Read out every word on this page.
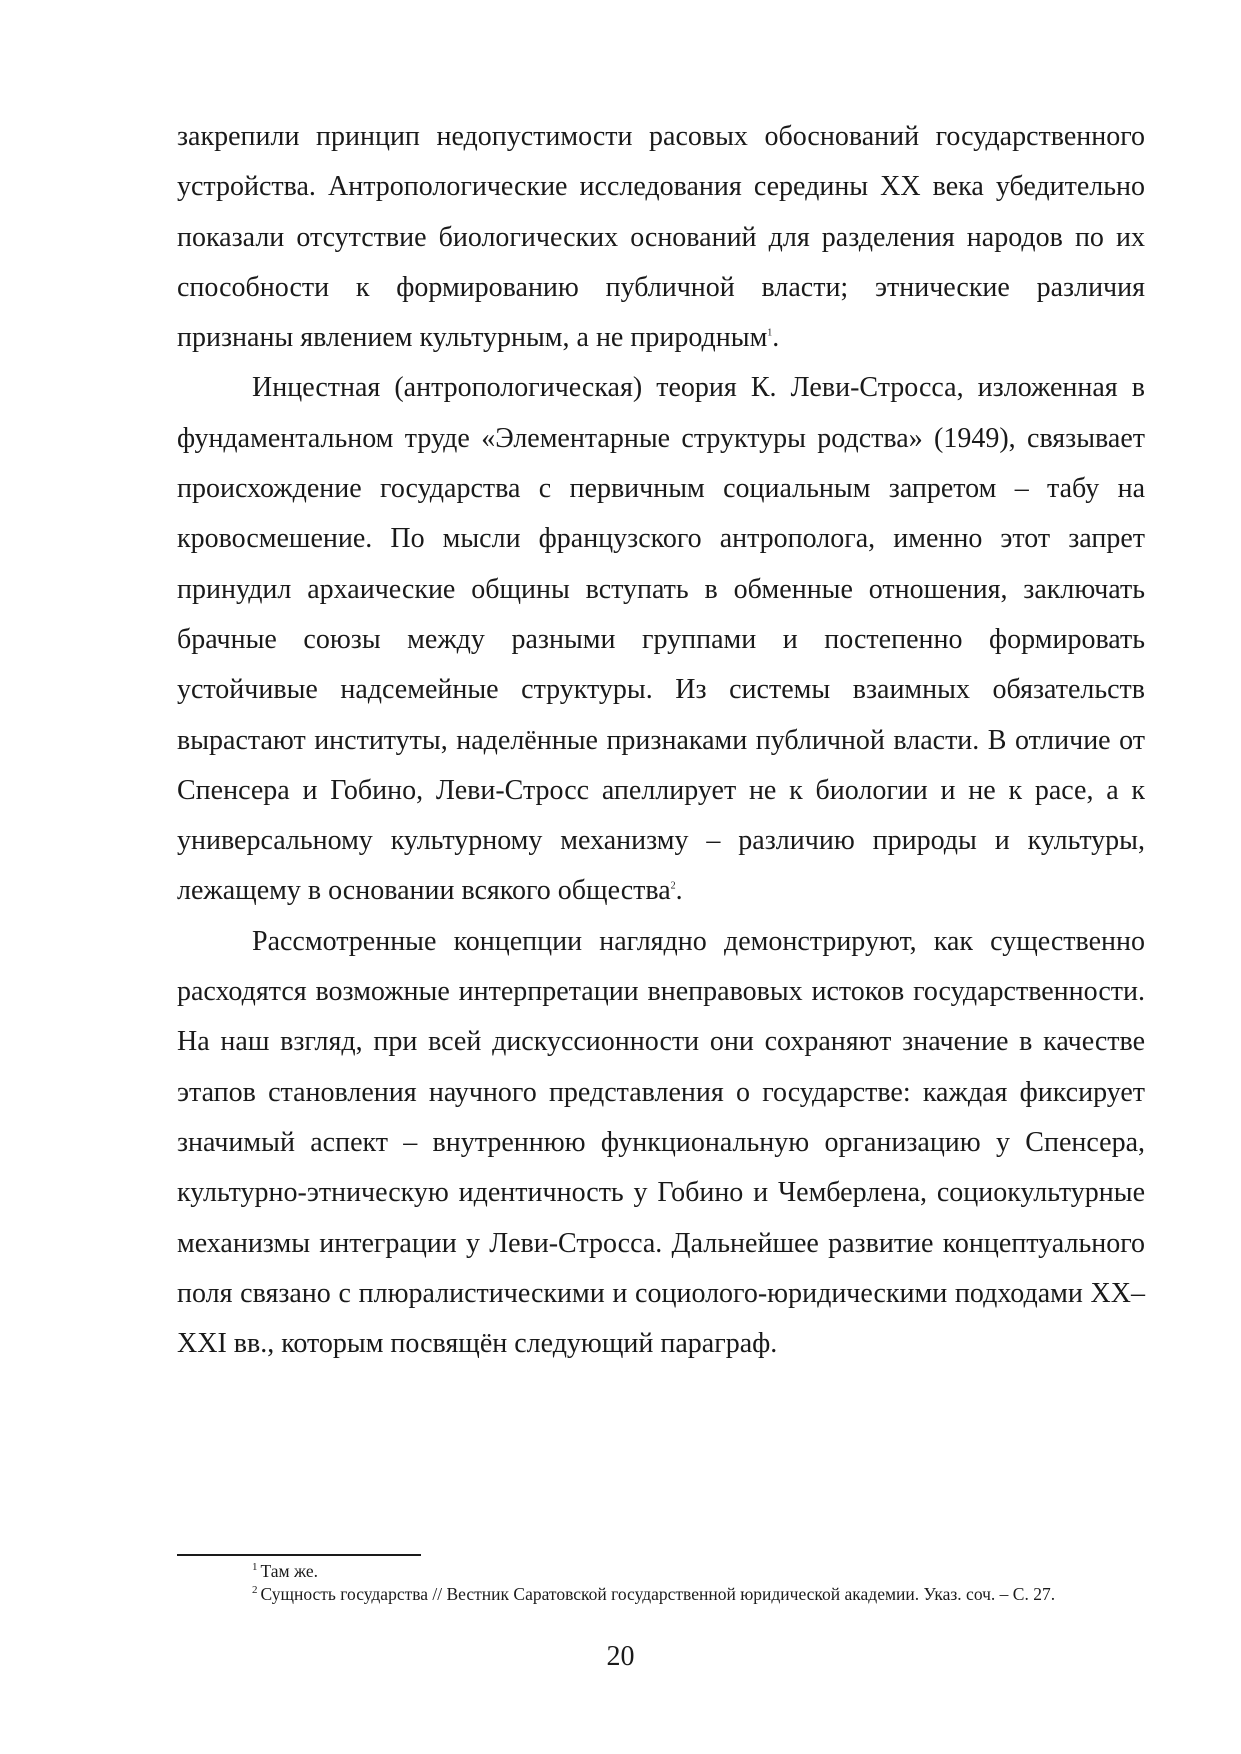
закрепили принцип недопустимости расовых обоснований государственного устройства. Антропологические исследования середины XX века убедительно показали отсутствие биологических оснований для разделения народов по их способности к формированию публичной власти; этнические различия признаны явлением культурным, а не природным$^1$.

Инцестная (антропологическая) теория К. Леви-Стросса, изложенная в фундаментальном труде «Элементарные структуры родства» (1949), связывает происхождение государства с первичным социальным запретом – табу на кровосмешение. По мысли французского антрополога, именно этот запрет принудил архаические общины вступать в обменные отношения, заключать брачные союзы между разными группами и постепенно формировать устойчивые надсемейные структуры. Из системы взаимных обязательств вырастают институты, наделённые признаками публичной власти. В отличие от Спенсера и Гобино, Леви-Стросс апеллирует не к биологии и не к расе, а к универсальному культурному механизму – различию природы и культуры, лежащему в основании всякого общества$^2$.

Рассмотренные концепции наглядно демонстрируют, как существенно расходятся возможные интерпретации внеправовых истоков государственности. На наш взгляд, при всей дискуссионности они сохраняют значение в качестве этапов становления научного представления о государстве: каждая фиксирует значимый аспект – внутреннюю функциональную организацию у Спенсера, культурно-этническую идентичность у Гобино и Чемберлена, социокультурные механизмы интеграции у Леви-Стросса. Дальнейшее развитие концептуального поля связано с плюралистическими и социолого-юридическими подходами XX–XXI вв., которым посвящён следующий параграф.

$^1$ Там же.

$^2$ Сущность государства // Вестник Саратовской государственной юридической академии. Указ. соч. – С. 27.

20
